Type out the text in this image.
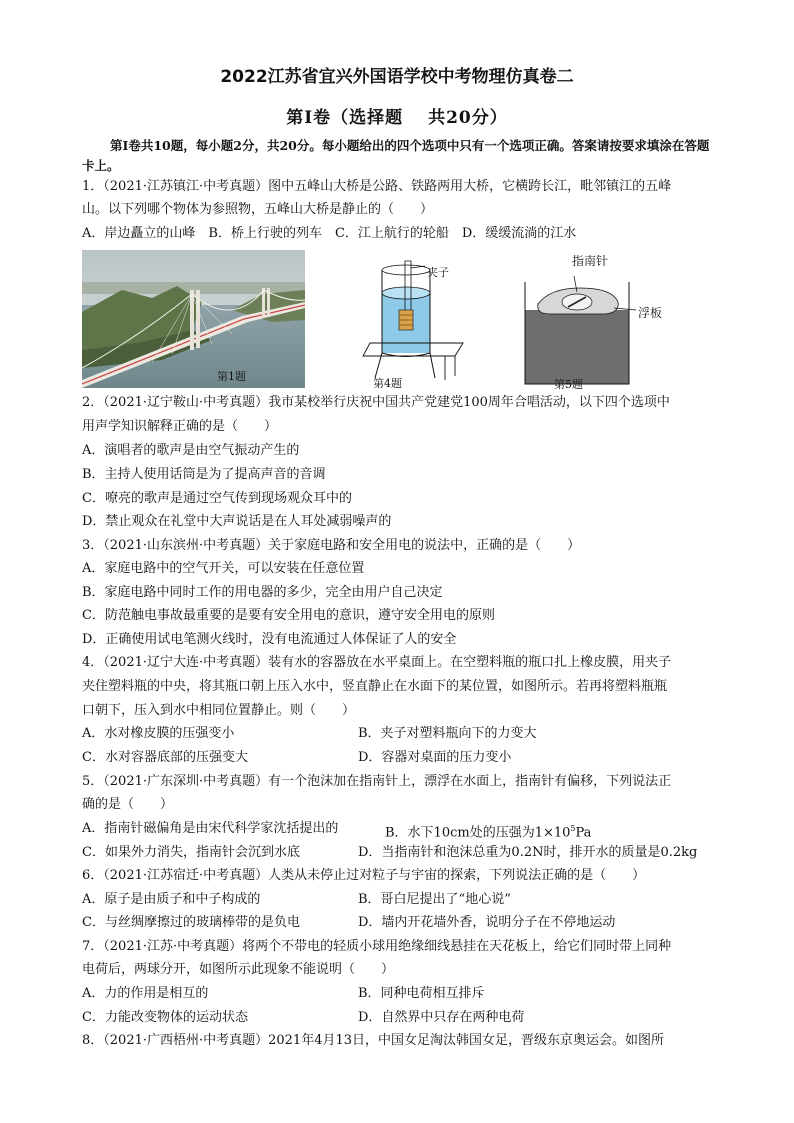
2022江苏省宜兴外国语学校中考物理仿真卷二
第Ⅰ卷（选择题　 共20分）
第Ⅰ卷共10题，每小题2分，共20分。每小题给出的四个选项中只有一个选项正确。答案请按要求填涂在答题卡上。
1．（2021·江苏镇江·中考真题）图中五峰山大桥是公路、铁路两用大桥，它横跨长江，毗邻镇江的五峰
山。以下列哪个物体为参照物，五峰山大桥是静止的（　　）
A．岸边矗立的山峰　B．桥上行驶的列车　C．江上航行的轮船　D．缓缓流淌的江水
第1题
夹子
第4题
指南针
浮板
第5题
2．（2021·辽宁鞍山·中考真题）我市某校举行庆祝中国共产党建党100周年合唱活动，以下四个选项中
用声学知识解释正确的是（　　）
A．演唱者的歌声是由空气振动产生的
B．主持人使用话筒是为了提高声音的音调
C．嘹亮的歌声是通过空气传到现场观众耳中的
D．禁止观众在礼堂中大声说话是在人耳处减弱噪声的
3．（2021·山东滨州·中考真题）关于家庭电路和安全用电的说法中，正确的是（　　）
A．家庭电路中的空气开关，可以安装在任意位置
B．家庭电路中同时工作的用电器的多少，完全由用户自己决定
C．防范触电事故最重要的是要有安全用电的意识，遵守安全用电的原则
D．正确使用试电笔测火线时，没有电流通过人体保证了人的安全
4．（2021·辽宁大连·中考真题）装有水的容器放在水平桌面上。在空塑料瓶的瓶口扎上橡皮膜，用夹子
夹住塑料瓶的中央，将其瓶口朝上压入水中，竖直静止在水面下的某位置，如图所示。若再将塑料瓶瓶
口朝下，压入到水中相同位置静止。则（　　）
A．水对橡皮膜的压强变小	B．夹子对塑料瓶向下的力变大
C．水对容器底部的压强变大	D．容器对桌面的压力变小
5．（2021·广东深圳·中考真题）有一个泡沫加在指南针上，漂浮在水面上，指南针有偏移，下列说法正
确的是（　　）
A．指南针磁偏角是由宋代科学家沈括提出的	B．水下10cm处的压强为$1\times 10^5Pa$
C．如果外力消失，指南针会沉到水底	D．当指南针和泡沫总重为0.2N时，排开水的质量是0.2kg
6．（2021·江苏宿迁·中考真题）人类从未停止过对粒子与宇宙的探索，下列说法正确的是（　　）
A．原子是由质子和中子构成的	B．哥白尼提出了“地心说”
C．与丝绸摩擦过的玻璃棒带的是负电	D．墙内开花墙外香，说明分子在不停地运动
7．（2021·江苏·中考真题）将两个不带电的轻质小球用绝缘细线悬挂在天花板上，给它们同时带上同种
电荷后，两球分开，如图所示此现象不能说明（　　）
A．力的作用是相互的	B．同种电荷相互排斥
C．力能改变物体的运动状态	D．自然界中只存在两种电荷
8．（2021·广西梧州·中考真题）2021年4月13日，中国女足淘汰韩国女足，晋级东京奥运会。如图所
